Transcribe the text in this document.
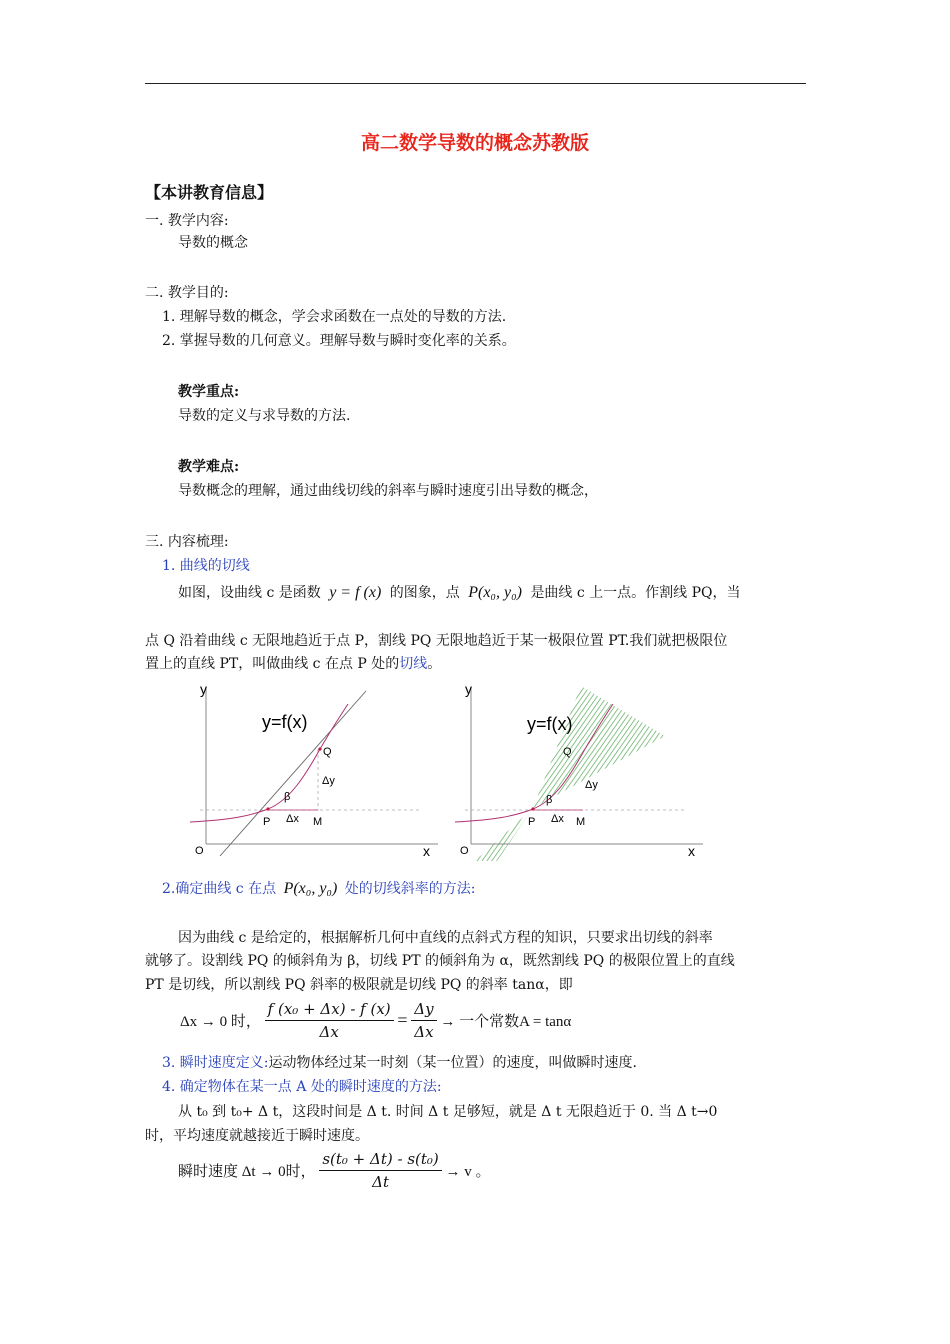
高二数学导数的概念苏教版
【本讲教育信息】
一. 教学内容:
导数的概念
二. 教学目的:
1. 理解导数的概念，学会求函数在一点处的导数的方法.
2. 掌握导数的几何意义。理解导数与瞬时变化率的关系。
教学重点:
导数的定义与求导数的方法.
教学难点:
导数概念的理解，通过曲线切线的斜率与瞬时速度引出导数的概念，
三. 内容梳理:
1. 曲线的切线
如图，设曲线 c 是函数 y = f (x) 的图象，点 P(x₀, y₀) 是曲线 c 上一点。作割线 PQ，当
点 Q 沿着曲线 c 无限地趋近于点 P，割线 PQ 无限地趋近于某一极限位置 PT.我们就把极限位
置上的直线 PT，叫做曲线 c 在点 P 处的切线。
y
x
O
y=f(x)
Q
Δy
β
P Δx M
y
x
O
y=f(x)
Q
Δy
β
P Δx M
2.确定曲线 c 在点 P(x₀, y₀) 处的切线斜率的方法:
因为曲线 c 是给定的，根据解析几何中直线的点斜式方程的知识，只要求出切线的斜率
就够了。设割线 PQ 的倾斜角为 β，切线 PT 的倾斜角为 α，既然割线 PQ 的极限位置上的直线
PT 是切线，所以割线 PQ 斜率的极限就是切线 PQ 的斜率 tanα，即
Δx → 0 时， $\frac{\text{f (x₀ + Δx) - f (x)}}{\Delta x} = \frac{\Delta y}{\Delta x}$ → 一个常数A = tanα
3. 瞬时速度定义:运动物体经过某一时刻（某一位置）的速度，叫做瞬时速度.
4. 确定物体在某一点 A 处的瞬时速度的方法:
从 t₀ 到 t₀+ Δ t，这段时间是 Δ t. 时间 Δ t 足够短，就是 Δ t 无限趋近于 0. 当 Δ t→0
时，平均速度就越接近于瞬时速度。
瞬时速度 Δt → 0时， $\frac{\text{s(t₀ + Δt) - s(t₀)}}{\Delta t} \to v$ 。
